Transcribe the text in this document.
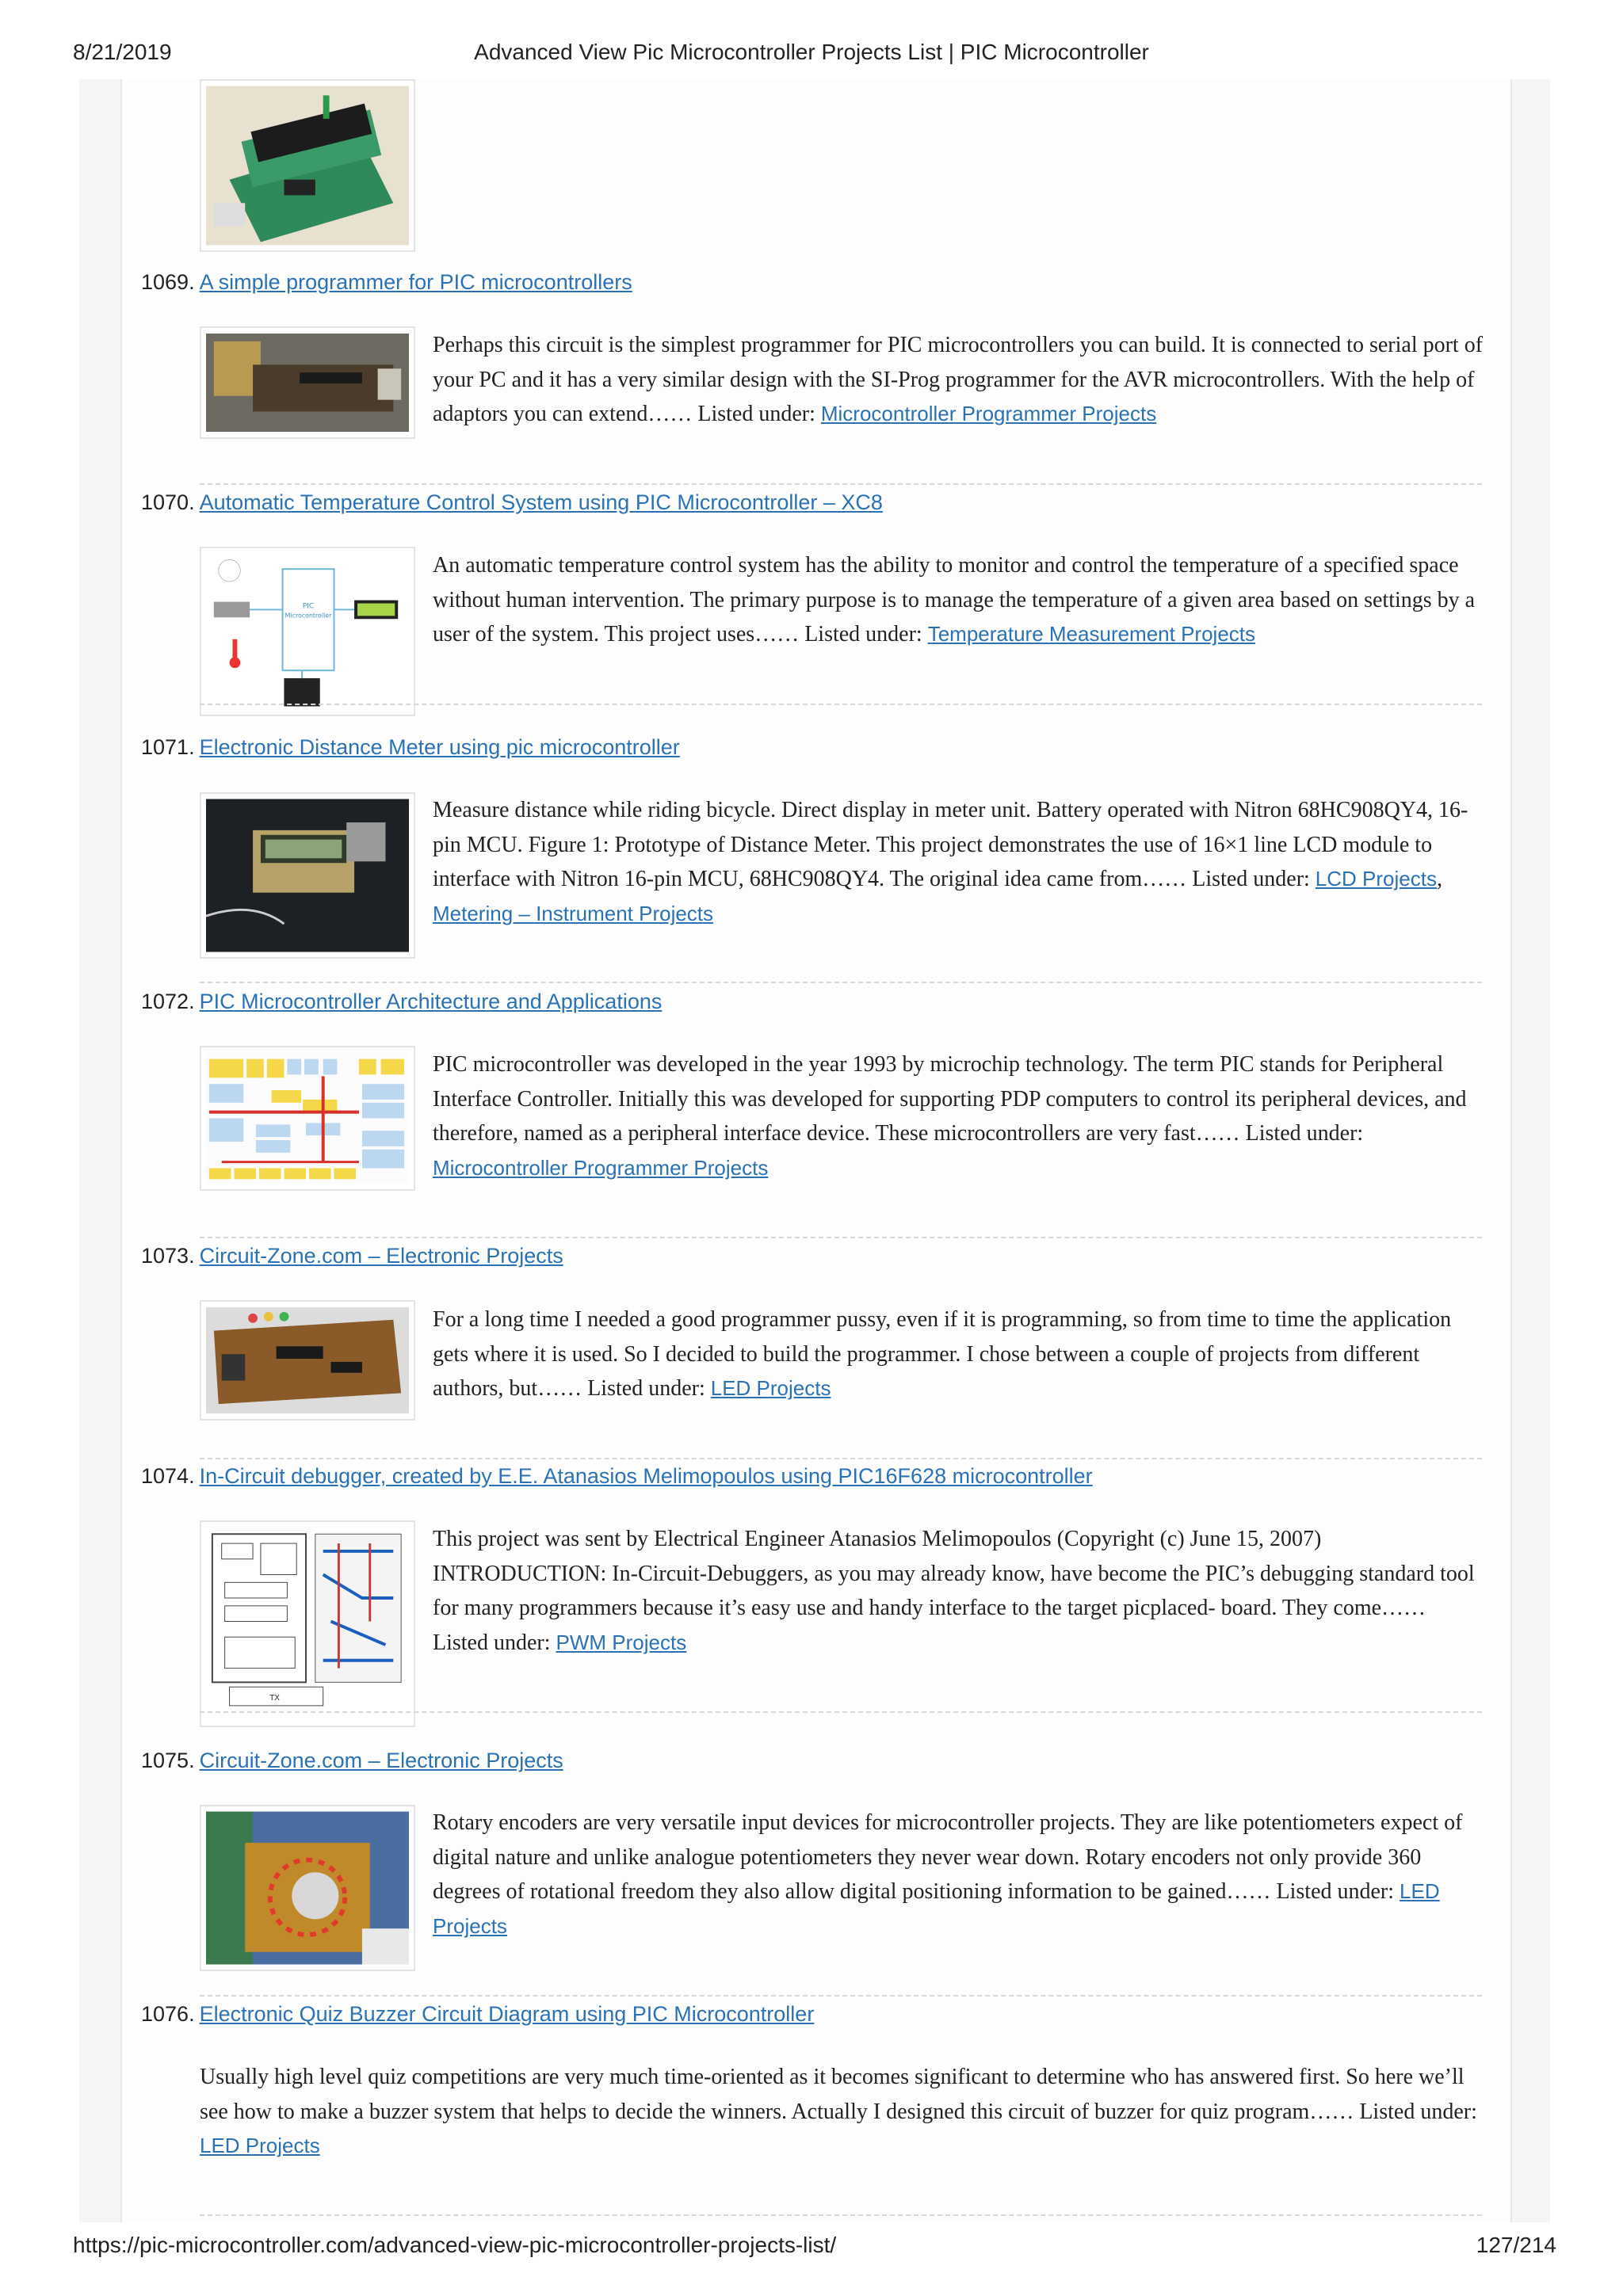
8/21/2019	Advanced View Pic Microcontroller Projects List | PIC Microcontroller
1069. A simple programmer for PIC microcontrollers
Perhaps this circuit is the simplest programmer for PIC microcontrollers you can build. It is connected to serial port of your PC and it has a very similar design with the SI-Prog programmer for the AVR microcontrollers. With the help of adaptors you can extend…… Listed under: Microcontroller Programmer Projects
1070. Automatic Temperature Control System using PIC Microcontroller – XC8
PIC
Microcontroller
An automatic temperature control system has the ability to monitor and control the temperature of a specified space without human intervention. The primary purpose is to manage the temperature of a given area based on settings by a user of the system. This project uses…… Listed under: Temperature Measurement Projects
1071. Electronic Distance Meter using pic microcontroller
Measure distance while riding bicycle. Direct display in meter unit. Battery operated with Nitron 68HC908QY4, 16-pin MCU. Figure 1: Prototype of Distance Meter. This project demonstrates the use of 16×1 line LCD module to interface with Nitron 16-pin MCU, 68HC908QY4. The original idea came from…… Listed under: LCD Projects, Metering – Instrument Projects
1072. PIC Microcontroller Architecture and Applications
PIC microcontroller was developed in the year 1993 by microchip technology. The term PIC stands for Peripheral Interface Controller. Initially this was developed for supporting PDP computers to control its peripheral devices, and therefore, named as a peripheral interface device. These microcontrollers are very fast…… Listed under: Microcontroller Programmer Projects
1073. Circuit-Zone.com – Electronic Projects
For a long time I needed a good programmer pussy, even if it is programming, so from time to time the application gets where it is used. So I decided to build the programmer. I chose between a couple of projects from different authors, but…… Listed under: LED Projects
1074. In-Circuit debugger, created by E.E. Atanasios Melimopoulos using PIC16F628 microcontroller
TX
This project was sent by Electrical Engineer Atanasios Melimopoulos (Copyright (c) June 15, 2007) INTRODUCTION: In-Circuit-Debuggers, as you may already know, have become the PIC’s debugging standard tool for many programmers because it’s easy use and handy interface to the target picplaced- board. They come…… Listed under: PWM Projects
1075. Circuit-Zone.com – Electronic Projects
Rotary encoders are very versatile input devices for microcontroller projects. They are like potentiometers expect of digital nature and unlike analogue potentiometers they never wear down. Rotary encoders not only provide 360 degrees of rotational freedom they also allow digital positioning information to be gained…… Listed under: LED Projects
1076. Electronic Quiz Buzzer Circuit Diagram using PIC Microcontroller
Usually high level quiz competitions are very much time-oriented as it becomes significant to determine who has answered first. So here we’ll see how to make a buzzer system that helps to decide the winners. Actually I designed this circuit of buzzer for quiz program…… Listed under: LED Projects
https://pic-microcontroller.com/advanced-view-pic-microcontroller-projects-list/	127/214
